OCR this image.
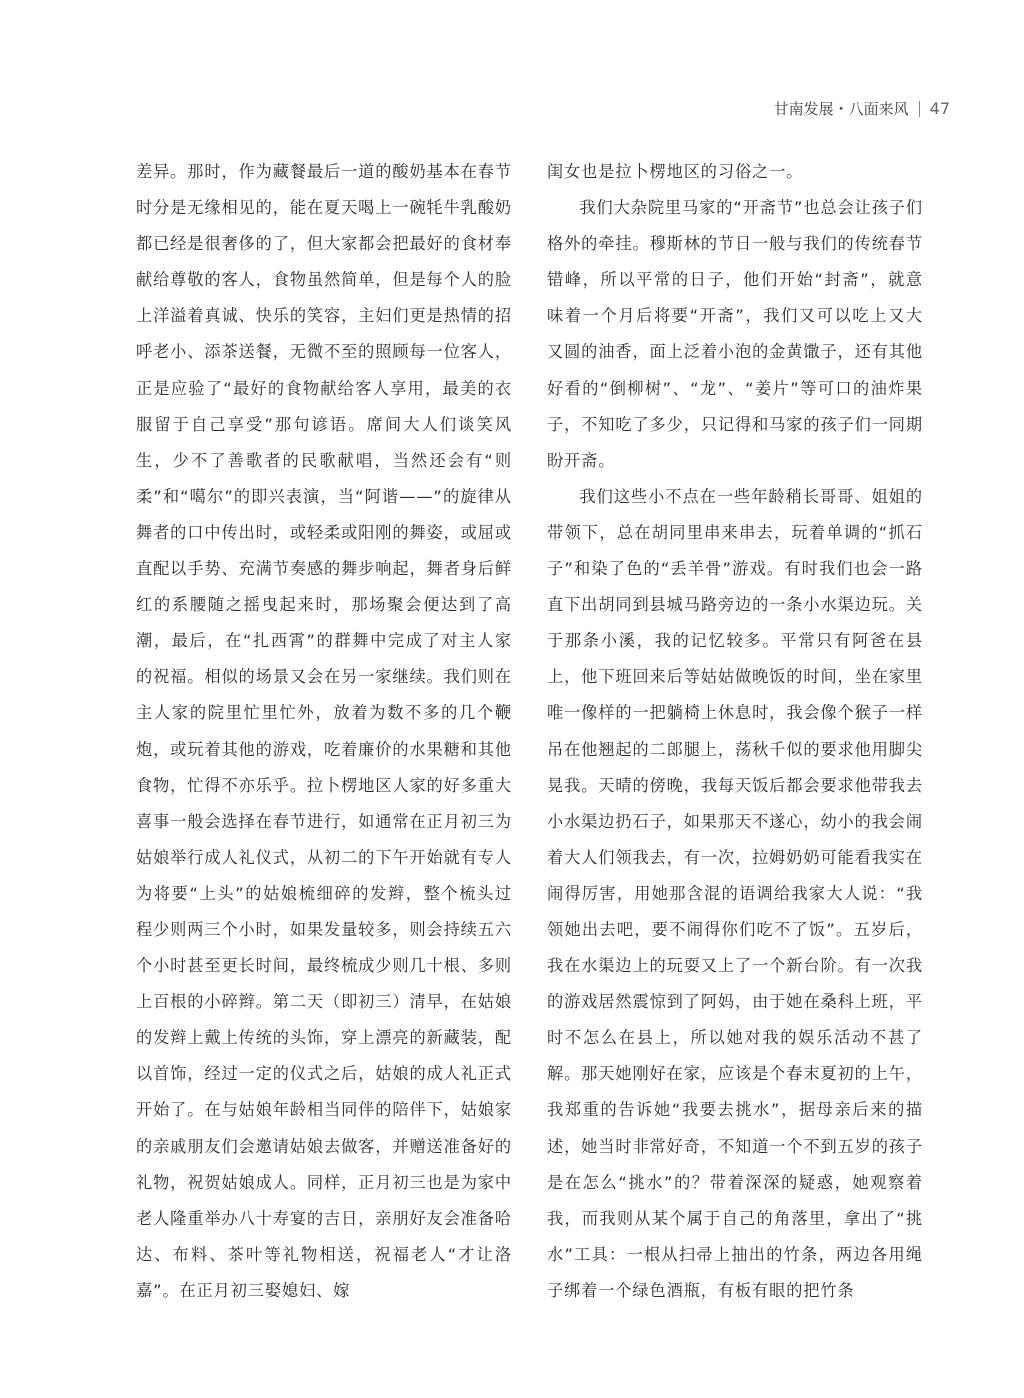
甘南发展・八面来风 47

差异。那时，作为藏餐最后一道的酸奶基本在春节时分是无缘相见的，能在夏天喝上一碗牦牛乳酸奶都已经是很奢侈的了，但大家都会把最好的食材奉献给尊敬的客人，食物虽然简单，但是每个人的脸上洋溢着真诚、快乐的笑容，主妇们更是热情的招呼老小、添茶送餐，无微不至的照顾每一位客人，正是应验了“最好的食物献给客人享用，最美的衣服留于自己享受”那句谚语。席间大人们谈笑风生，少不了善歌者的民歌献唱，当然还会有“则柔”和“噶尔”的即兴表演，当“阿谐——”的旋律从舞者的口中传出时，或轻柔或阳刚的舞姿，或屈或直配以手势、充满节奏感的舞步响起，舞者身后鲜红的系腰随之摇曳起来时，那场聚会便达到了高潮，最后，在“扎西霄”的群舞中完成了对主人家的祝福。相似的场景又会在另一家继续。我们则在主人家的院里忙里忙外，放着为数不多的几个鞭炮，或玩着其他的游戏，吃着廉价的水果糖和其他食物，忙得不亦乐乎。拉卜楞地区人家的好多重大喜事一般会选择在春节进行，如通常在正月初三为姑娘举行成人礼仪式，从初二的下午开始就有专人为将要“上头”的姑娘梳细碎的发辫，整个梳头过程少则两三个小时，如果发量较多，则会持续五六个小时甚至更长时间，最终梳成少则几十根、多则上百根的小碎辫。第二天（即初三）清早，在姑娘的发辫上戴上传统的头饰，穿上漂亮的新藏装，配以首饰，经过一定的仪式之后，姑娘的成人礼正式开始了。在与姑娘年龄相当同伴的陪伴下，姑娘家的亲戚朋友们会邀请姑娘去做客，并赠送准备好的礼物，祝贺姑娘成人。同样，正月初三也是为家中老人隆重举办八十寿宴的吉日，亲朋好友会准备哈达、布料、茶叶等礼物相送，祝福老人“才让洛嘉”。在正月初三娶媳妇、嫁

闺女也是拉卜楞地区的习俗之一。

我们大杂院里马家的“开斋节”也总会让孩子们格外的牵挂。穆斯林的节日一般与我们的传统春节错峰，所以平常的日子，他们开始“封斋”，就意味着一个月后将要“开斋”，我们又可以吃上又大又圆的油香，面上泛着小泡的金黄馓子，还有其他好看的“倒柳树”、“龙”、“姜片”等可口的油炸果子，不知吃了多少，只记得和马家的孩子们一同期盼开斋。

我们这些小不点在一些年龄稍长哥哥、姐姐的带领下，总在胡同里串来串去，玩着单调的“抓石子”和染了色的“丢羊骨”游戏。有时我们也会一路直下出胡同到县城马路旁边的一条小水渠边玩。关于那条小溪，我的记忆较多。平常只有阿爸在县上，他下班回来后等姑姑做晚饭的时间，坐在家里唯一像样的一把躺椅上休息时，我会像个猴子一样吊在他翘起的二郎腿上，荡秋千似的要求他用脚尖晃我。天晴的傍晚，我每天饭后都会要求他带我去小水渠边扔石子，如果那天不遂心，幼小的我会闹着大人们领我去，有一次，拉姆奶奶可能看我实在闹得厉害，用她那含混的语调给我家大人说：“我领她出去吧，要不闹得你们吃不了饭”。五岁后，我在水渠边上的玩耍又上了一个新台阶。有一次我的游戏居然震惊到了阿妈，由于她在桑科上班，平时不怎么在县上，所以她对我的娱乐活动不甚了解。那天她刚好在家，应该是个春末夏初的上午，我郑重的告诉她“我要去挑水”，据母亲后来的描述，她当时非常好奇，不知道一个不到五岁的孩子是在怎么“挑水”的？带着深深的疑惑，她观察着我，而我则从某个属于自己的角落里，拿出了“挑水”工具：一根从扫帚上抽出的竹条，两边各用绳子绑着一个绿色酒瓶，有板有眼的把竹条
